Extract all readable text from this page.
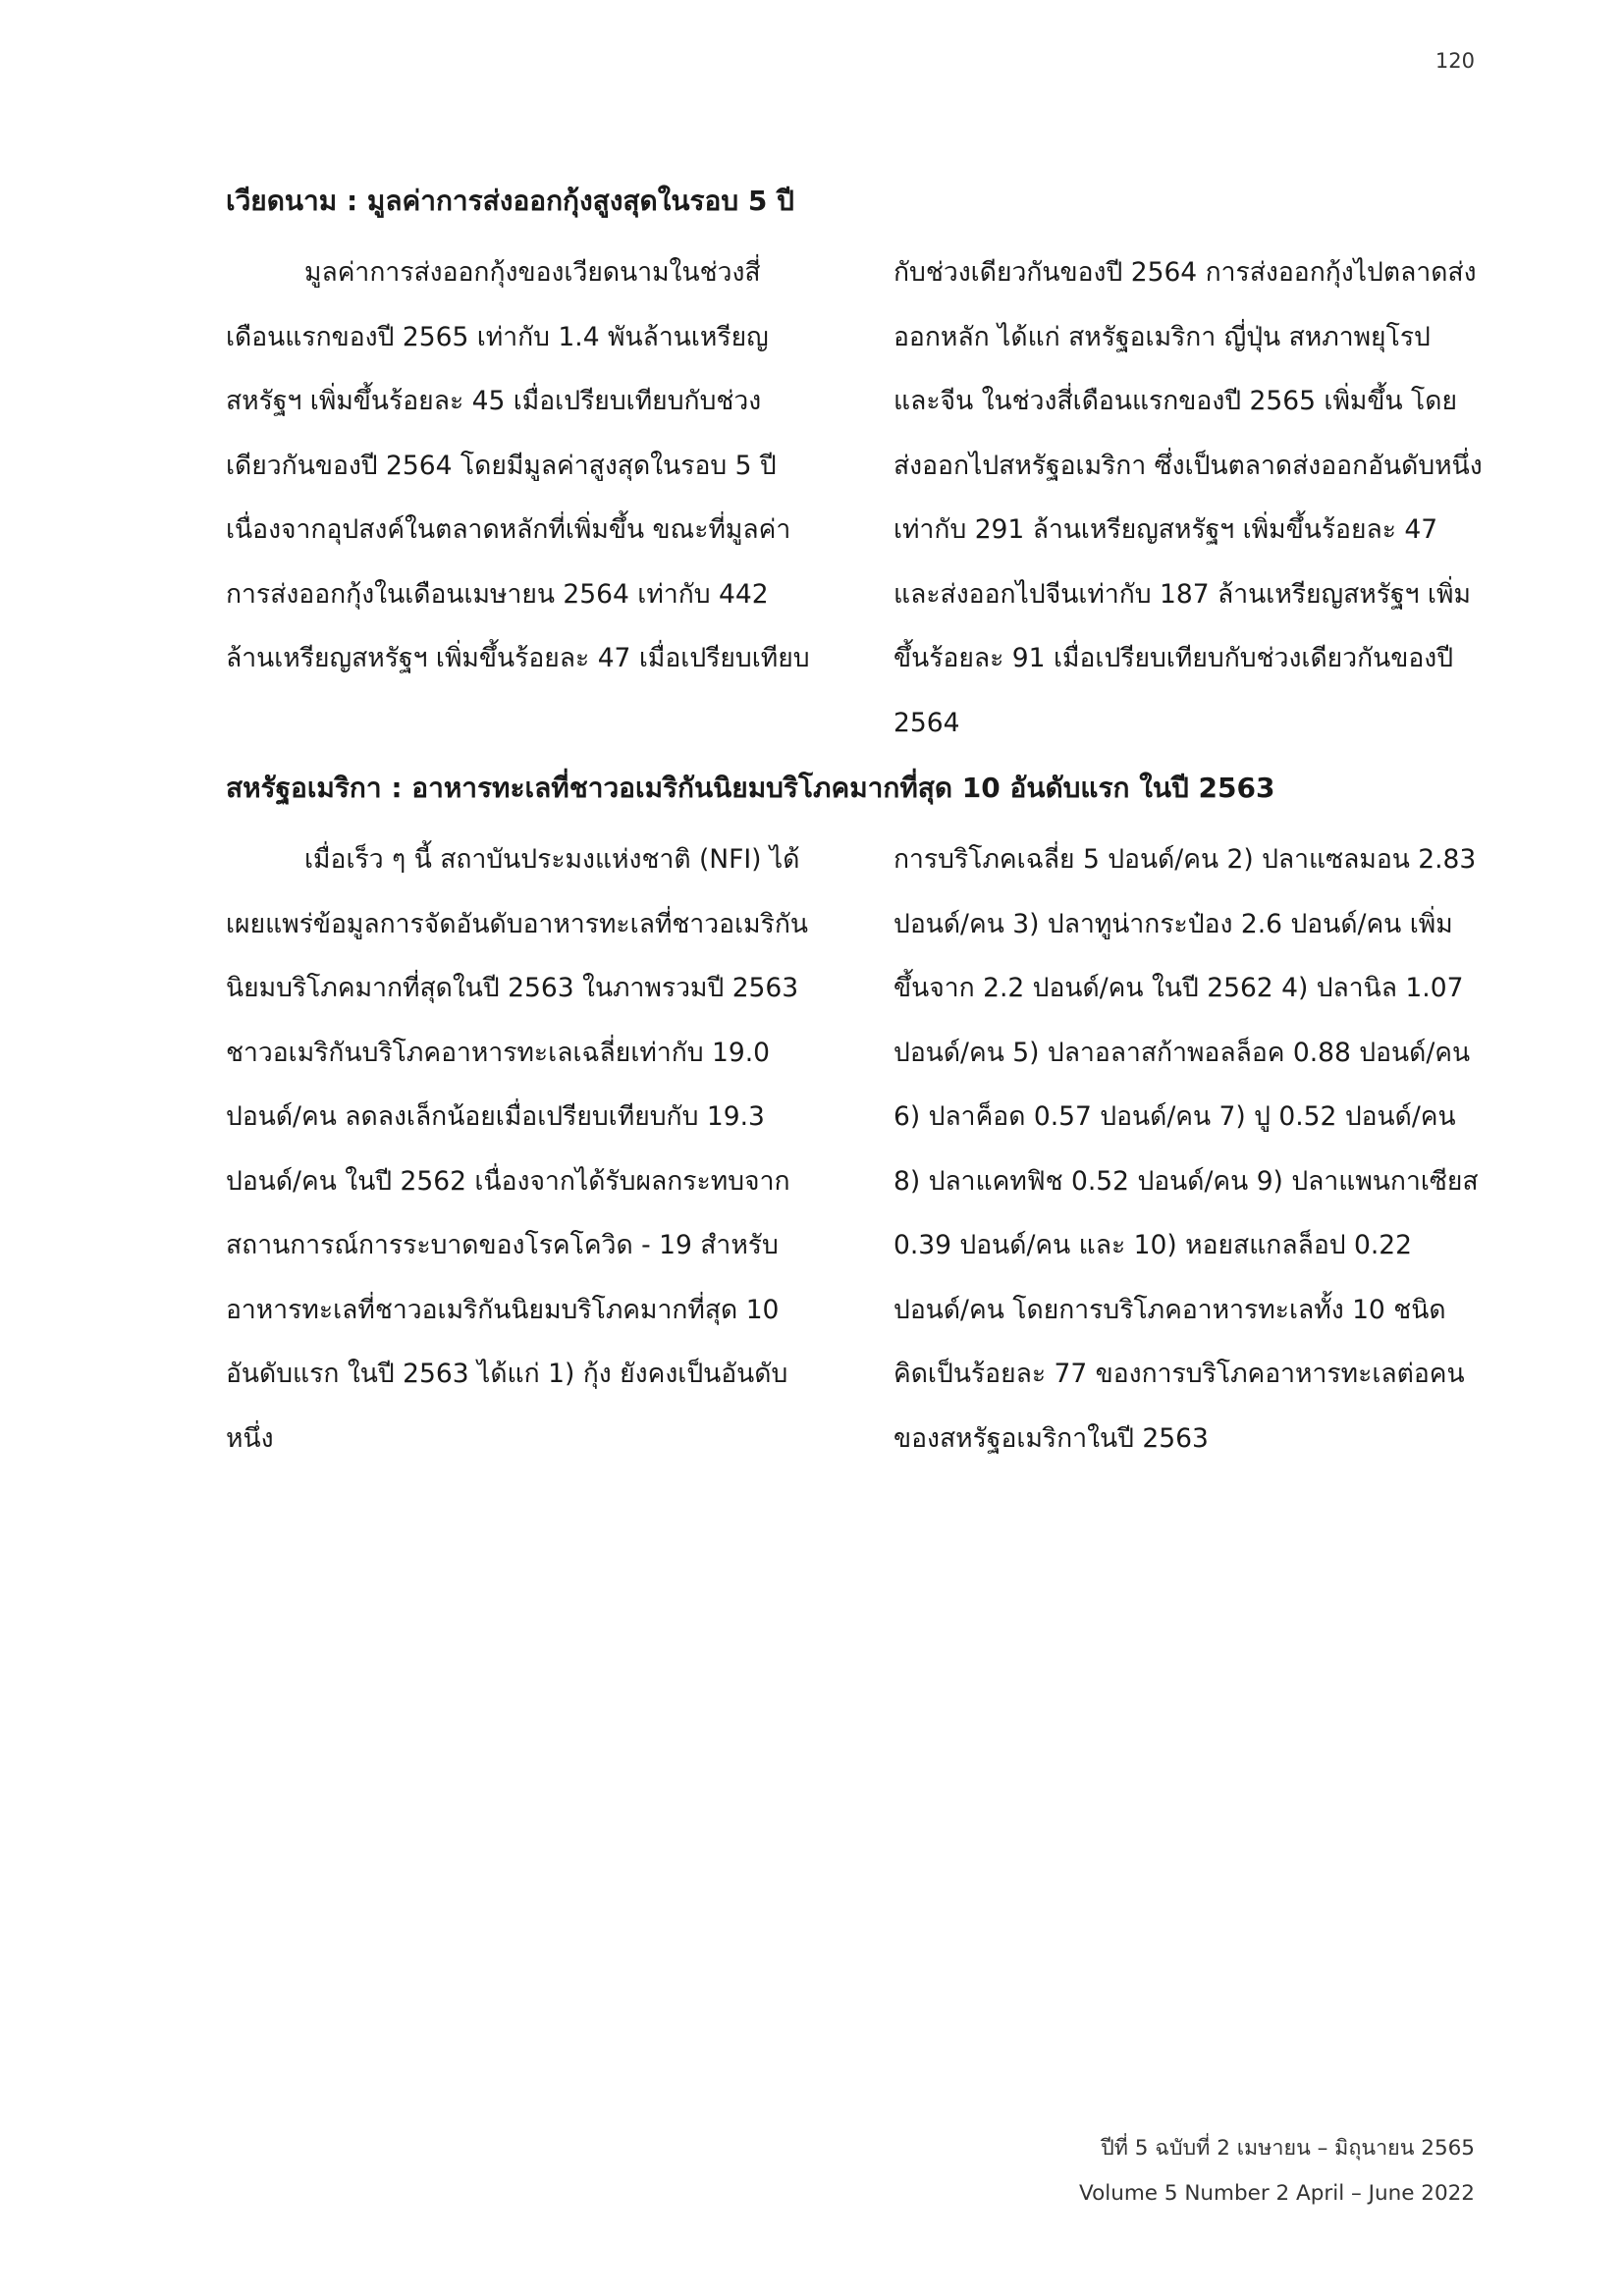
120
เวียดนาม : มูลค่าการส่งออกกุ้งสูงสุดในรอบ 5 ปี

มูลค่าการส่งออกกุ้งของเวียดนามในช่วงสี่เดือนแรกของปี 2565 เท่ากับ 1.4 พันล้านเหรียญสหรัฐฯ เพิ่มขึ้นร้อยละ 45 เมื่อเปรียบเทียบกับช่วงเดียวกันของปี 2564 โดยมีมูลค่าสูงสุดในรอบ 5 ปี เนื่องจากอุปสงค์ในตลาดหลักที่เพิ่มขึ้น ขณะที่มูลค่าการส่งออกกุ้งในเดือนเมษายน 2564 เท่ากับ 442 ล้านเหรียญสหรัฐฯ เพิ่มขึ้นร้อยละ 47 เมื่อเปรียบเทียบ

กับช่วงเดียวกันของปี 2564 การส่งออกกุ้งไปตลาดส่งออกหลัก ได้แก่ สหรัฐอเมริกา ญี่ปุ่น สหภาพยุโรป และจีน ในช่วงสี่เดือนแรกของปี 2565 เพิ่มขึ้น โดยส่งออกไปสหรัฐอเมริกา ซึ่งเป็นตลาดส่งออกอันดับหนึ่งเท่ากับ 291 ล้านเหรียญสหรัฐฯ เพิ่มขึ้นร้อยละ 47 และส่งออกไปจีนเท่ากับ 187 ล้านเหรียญสหรัฐฯ เพิ่มขึ้นร้อยละ 91 เมื่อเปรียบเทียบกับช่วงเดียวกันของปี 2564

สหรัฐอเมริกา : อาหารทะเลที่ชาวอเมริกันนิยมบริโภคมากที่สุด 10 อันดับแรก ในปี 2563

เมื่อเร็ว ๆ นี้ สถาบันประมงแห่งชาติ (NFI) ได้เผยแพร่ข้อมูลการจัดอันดับอาหารทะเลที่ชาวอเมริกันนิยมบริโภคมากที่สุดในปี 2563 ในภาพรวมปี 2563 ชาวอเมริกันบริโภคอาหารทะเลเฉลี่ยเท่ากับ 19.0 ปอนด์/คน ลดลงเล็กน้อยเมื่อเปรียบเทียบกับ 19.3 ปอนด์/คน ในปี 2562 เนื่องจากได้รับผลกระทบจากสถานการณ์การระบาดของโรคโควิด - 19 สำหรับอาหารทะเลที่ชาวอเมริกันนิยมบริโภคมากที่สุด 10 อันดับแรก ในปี 2563 ได้แก่ 1) กุ้ง ยังคงเป็นอันดับหนึ่ง

การบริโภคเฉลี่ย 5 ปอนด์/คน 2) ปลาแซลมอน 2.83 ปอนด์/คน 3) ปลาทูน่ากระป๋อง 2.6 ปอนด์/คน เพิ่มขึ้นจาก 2.2 ปอนด์/คน ในปี 2562 4) ปลานิล 1.07 ปอนด์/คน 5) ปลาอลาสก้าพอลล็อค 0.88 ปอนด์/คน 6) ปลาค็อด 0.57 ปอนด์/คน 7) ปู 0.52 ปอนด์/คน 8) ปลาแคทฟิช 0.52 ปอนด์/คน 9) ปลาแพนกาเซียส 0.39 ปอนด์/คน และ 10) หอยสแกลล็อป 0.22 ปอนด์/คน โดยการบริโภคอาหารทะเลทั้ง 10 ชนิด คิดเป็นร้อยละ 77 ของการบริโภคอาหารทะเลต่อคนของสหรัฐอเมริกาในปี 2563

ปีที่ 5 ฉบับที่ 2 เมษายน – มิถุนายน 2565
Volume 5 Number 2 April – June 2022
